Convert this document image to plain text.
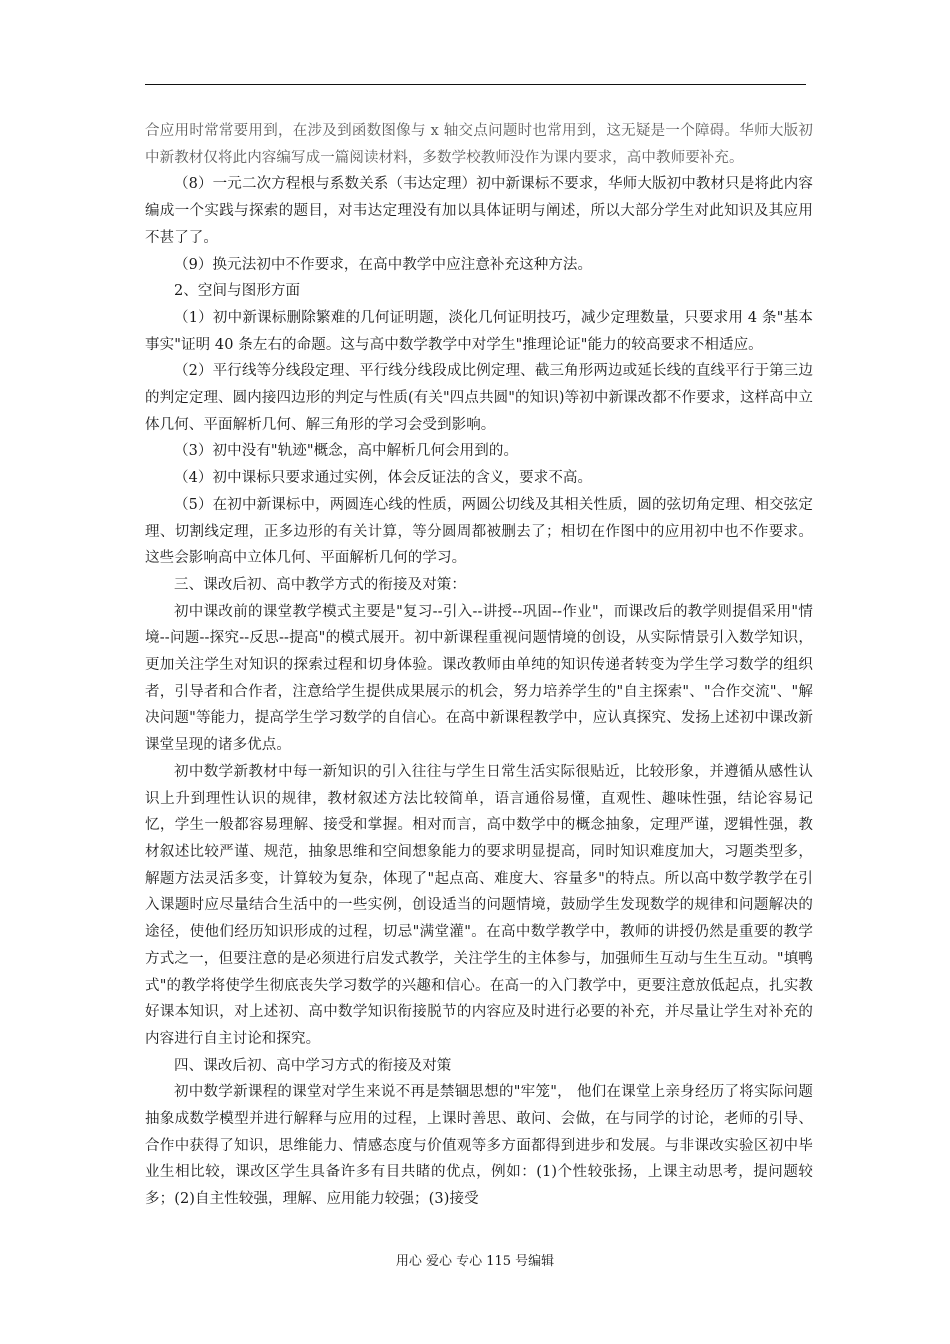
合应用时常常要用到，在涉及到函数图像与 x 轴交点问题时也常用到，这无疑是一个障碍。华师大版初中新教材仅将此内容编写成一篇阅读材料，多数学校教师没作为课内要求，高中教师要补充。

（8）一元二次方程根与系数关系（韦达定理）初中新课标不要求，华师大版初中教材只是将此内容编成一个实践与探索的题目，对韦达定理没有加以具体证明与阐述，所以大部分学生对此知识及其应用不甚了了。

（9）换元法初中不作要求，在高中教学中应注意补充这种方法。

2、空间与图形方面

（1）初中新课标删除繁难的几何证明题，淡化几何证明技巧，减少定理数量，只要求用 4 条"基本事实"证明 40 条左右的命题。这与高中数学教学中对学生"推理论证"能力的较高要求不相适应。

（2）平行线等分线段定理、平行线分线段成比例定理、截三角形两边或延长线的直线平行于第三边的判定定理、圆内接四边形的判定与性质(有关"四点共圆"的知识)等初中新课改都不作要求，这样高中立体几何、平面解析几何、解三角形的学习会受到影响。

（3）初中没有"轨迹"概念，高中解析几何会用到的。

（4）初中课标只要求通过实例，体会反证法的含义，要求不高。

（5）在初中新课标中，两圆连心线的性质，两圆公切线及其相关性质，圆的弦切角定理、相交弦定理、切割线定理，正多边形的有关计算，等分圆周都被删去了；相切在作图中的应用初中也不作要求。这些会影响高中立体几何、平面解析几何的学习。

三、课改后初、高中教学方式的衔接及对策：

初中课改前的课堂教学模式主要是"复习--引入--讲授--巩固--作业"，而课改后的教学则提倡采用"情境--问题--探究--反思--提高"的模式展开。初中新课程重视问题情境的创设，从实际情景引入数学知识，更加关注学生对知识的探索过程和切身体验。课改教师由单纯的知识传递者转变为学生学习数学的组织者，引导者和合作者，注意给学生提供成果展示的机会，努力培养学生的"自主探索"、"合作交流"、"解决问题"等能力，提高学生学习数学的自信心。在高中新课程教学中，应认真探究、发扬上述初中课改新课堂呈现的诸多优点。

初中数学新教材中每一新知识的引入往往与学生日常生活实际很贴近，比较形象，并遵循从感性认识上升到理性认识的规律，教材叙述方法比较简单，语言通俗易懂，直观性、趣味性强，结论容易记忆，学生一般都容易理解、接受和掌握。相对而言，高中数学中的概念抽象，定理严谨，逻辑性强，教材叙述比较严谨、规范，抽象思维和空间想象能力的要求明显提高，同时知识难度加大，习题类型多，解题方法灵活多变，计算较为复杂，体现了"起点高、难度大、容量多"的特点。所以高中数学教学在引入课题时应尽量结合生活中的一些实例，创设适当的问题情境，鼓励学生发现数学的规律和问题解决的途径，使他们经历知识形成的过程，切忌"满堂灌"。在高中数学教学中，教师的讲授仍然是重要的教学方式之一，但要注意的是必须进行启发式教学，关注学生的主体参与，加强师生互动与生生互动。"填鸭式"的教学将使学生彻底丧失学习数学的兴趣和信心。在高一的入门教学中，更要注意放低起点，扎实教好课本知识，对上述初、高中数学知识衔接脱节的内容应及时进行必要的补充，并尽量让学生对补充的内容进行自主讨论和探究。

四、课改后初、高中学习方式的衔接及对策

初中数学新课程的课堂对学生来说不再是禁锢思想的"牢笼"， 他们在课堂上亲身经历了将实际问题抽象成数学模型并进行解释与应用的过程，上课时善思、敢问、会做，在与同学的讨论，老师的引导、合作中获得了知识，思维能力、情感态度与价值观等多方面都得到进步和发展。与非课改实验区初中毕业生相比较，课改区学生具备许多有目共睹的优点，例如：(1)个性较张扬，上课主动思考，提问题较多；(2)自主性较强，理解、应用能力较强；(3)接受

用心 爱心 专心 115 号编辑
